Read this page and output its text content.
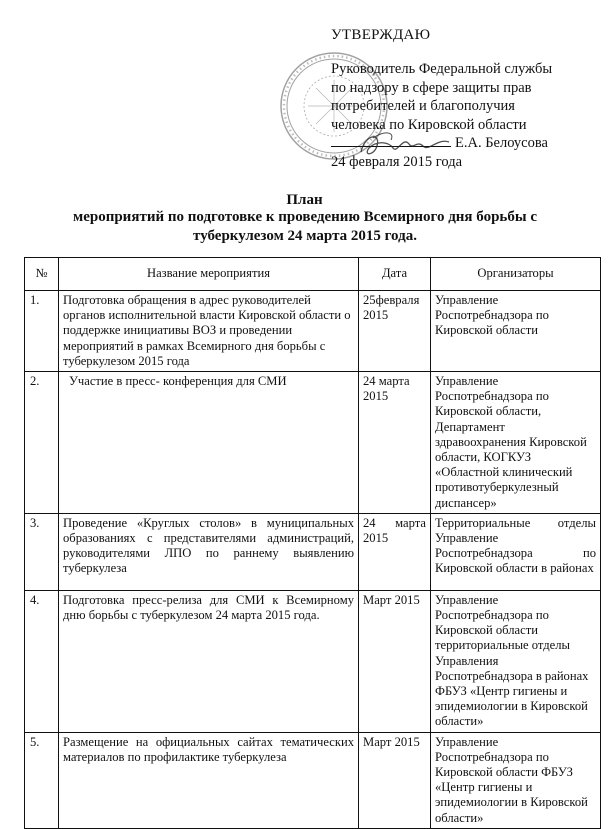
УТВЕРЖДАЮ
Руководитель Федеральной службы
по надзору в сфере защиты прав
потребителей и благополучия
человека по Кировской области
Е.А. Белоусова
24 февраля 2015 года
План
мероприятий по подготовке к проведению Всемирного дня борьбы с туберкулезом 24 марта 2015 года.
№	Название мероприятия	Дата	Организаторы
1.	Подготовка обращения в адрес руководителей органов исполнительной власти Кировской области о поддержке инициативы ВОЗ и проведении мероприятий в рамках Всемирного дня борьбы с туберкулезом 2015 года	25февраля 2015	Управление Роспотребнадзора по Кировской области
2.	Участие в пресс- конференция для СМИ	24 марта 2015	Управление Роспотребнадзора по Кировской области, Департамент здравоохранения Кировской области, КОГКУЗ «Областной клинический противотуберкулезный диспансер»
3.	Проведение «Круглых столов» в муниципальных образованиях с представителями администраций, руководителями ЛПО по раннему выявлению туберкулеза	24 марта 2015	Территориальные отделы Управление Роспотребнадзора по Кировской области в районах
4.	Подготовка пресс-релиза для СМИ к Всемирному дню борьбы с туберкулезом 24 марта 2015 года.	Март 2015	Управление Роспотребнадзора по Кировской области территориальные отделы Управления Роспотребнадзора в районах ФБУЗ «Центр гигиены и эпидемиологии в Кировской области»
5.	Размещение на официальных сайтах тематических материалов по профилактике туберкулеза	Март 2015	Управление Роспотребнадзора по Кировской области ФБУЗ «Центр гигиены и эпидемиологии в Кировской области»
